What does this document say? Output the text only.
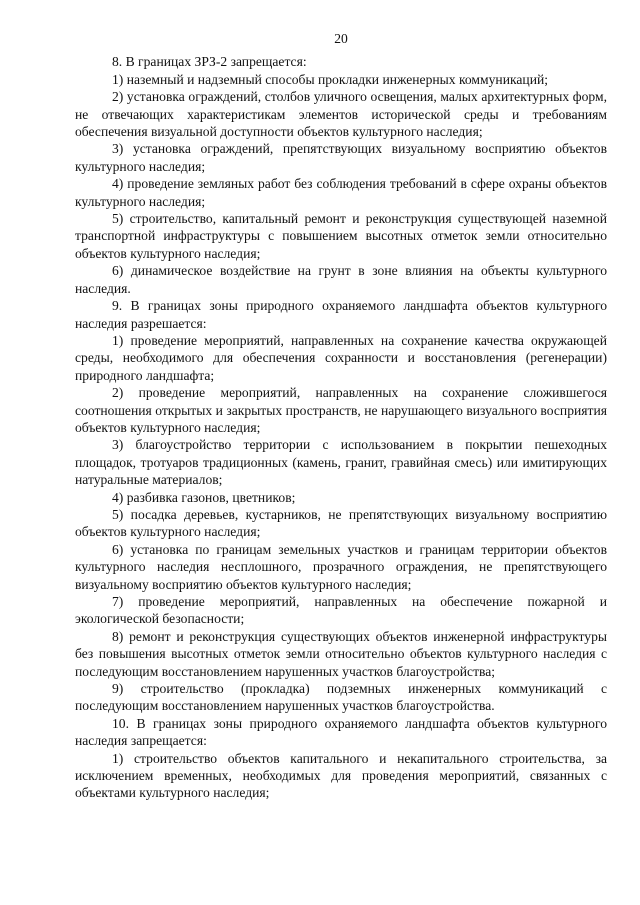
20

8. В границах ЗРЗ-2 запрещается:

1) наземный и надземный способы прокладки инженерных коммуникаций;

2) установка ограждений, столбов уличного освещения, малых архитектурных форм, не отвечающих характеристикам элементов исторической среды и требованиям обеспечения визуальной доступности объектов культурного наследия;

3) установка ограждений, препятствующих визуальному восприятию объектов культурного наследия;

4) проведение земляных работ без соблюдения требований в сфере охраны объектов культурного наследия;

5) строительство, капитальный ремонт и реконструкция существующей наземной транспортной инфраструктуры с повышением высотных отметок земли относительно объектов культурного наследия;

6) динамическое воздействие на грунт в зоне влияния на объекты культурного наследия.

9. В границах зоны природного охраняемого ландшафта объектов культурного наследия разрешается:

1) проведение мероприятий, направленных на сохранение качества окружающей среды, необходимого для обеспечения сохранности и восстановления (регенерации) природного ландшафта;

2) проведение мероприятий, направленных на сохранение сложившегося соотношения открытых и закрытых пространств, не нарушающего визуального восприятия объектов культурного наследия;

3) благоустройство территории с использованием в покрытии пешеходных площадок, тротуаров традиционных (камень, гранит, гравийная смесь) или имитирующих натуральные материалов;

4) разбивка газонов, цветников;

5) посадка деревьев, кустарников, не препятствующих визуальному восприятию объектов культурного наследия;

6) установка по границам земельных участков и границам территории объектов культурного наследия несплошного, прозрачного ограждения, не препятствующего визуальному восприятию объектов культурного наследия;

7) проведение мероприятий, направленных на обеспечение пожарной и экологической безопасности;

8) ремонт и реконструкция существующих объектов инженерной инфраструктуры без повышения высотных отметок земли относительно объектов культурного наследия с последующим восстановлением нарушенных участков благоустройства;

9) строительство (прокладка) подземных инженерных коммуникаций с последующим восстановлением нарушенных участков благоустройства.

10. В границах зоны природного охраняемого ландшафта объектов культурного наследия запрещается:

1) строительство объектов капитального и некапитального строительства, за исключением временных, необходимых для проведения мероприятий, связанных с объектами культурного наследия;
